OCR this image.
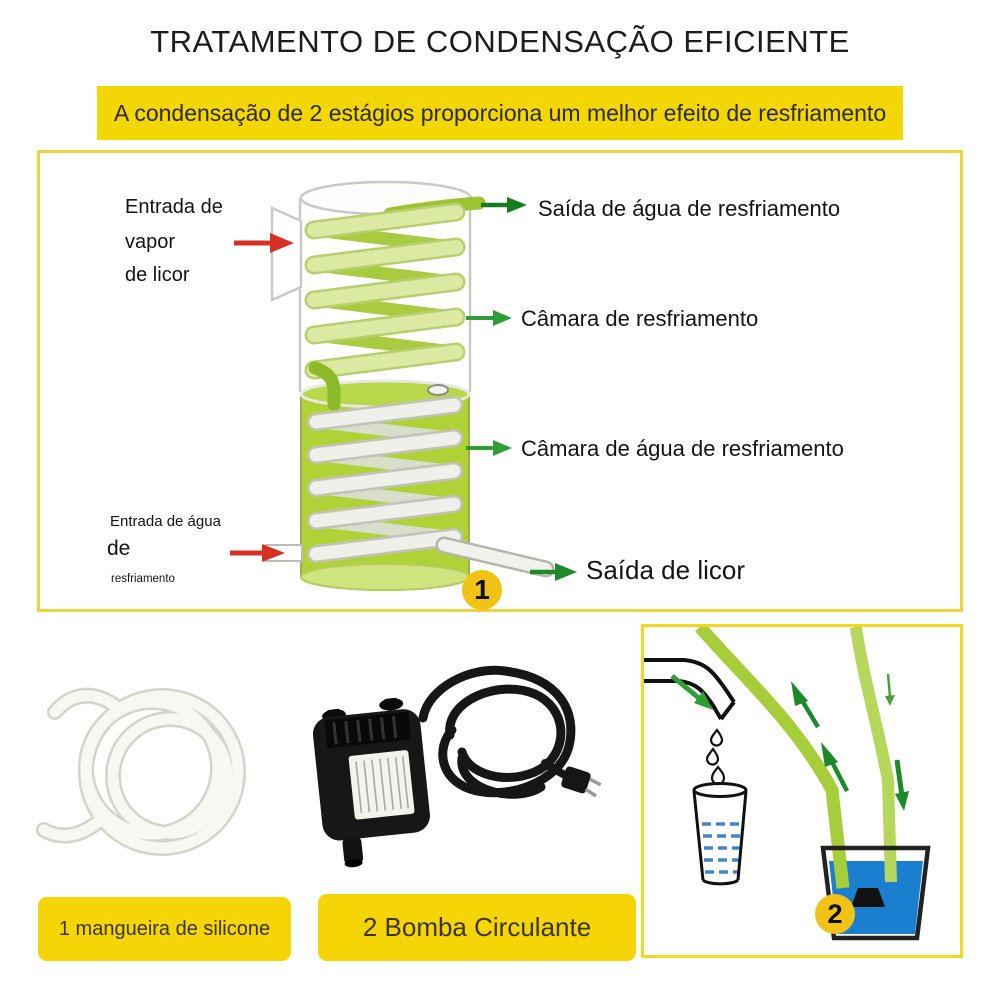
TRATAMENTO DE CONDENSAÇÃO EFICIENTE
A condensação de 2 estágios proporciona um melhor efeito de resfriamento
Entrada de
vapor
de licor
Saída de água de resfriamento
Câmara de resfriamento
Câmara de água de resfriamento
Entrada de água
de
resfriamento	Saída de licor
1
1 mangueira de silicone	2 Bomba Circulante	2
